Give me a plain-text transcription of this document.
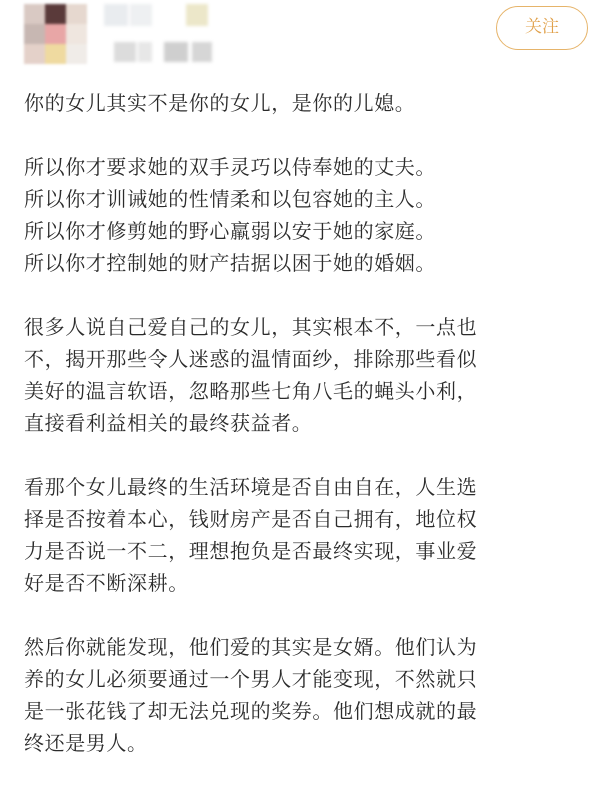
关注
你的女儿其实不是你的女儿，是你的儿媳。
所以你才要求她的双手灵巧以侍奉她的丈夫。
所以你才训诫她的性情柔和以包容她的主人。
所以你才修剪她的野心羸弱以安于她的家庭。
所以你才控制她的财产拮据以困于她的婚姻。
很多人说自己爱自己的女儿，其实根本不，一点也
不，揭开那些令人迷惑的温情面纱，排除那些看似
美好的温言软语，忽略那些七角八毛的蝇头小利，
直接看利益相关的最终获益者。
看那个女儿最终的生活环境是否自由自在，人生选
择是否按着本心，钱财房产是否自己拥有，地位权
力是否说一不二，理想抱负是否最终实现，事业爱
好是否不断深耕。
然后你就能发现，他们爱的其实是女婿。他们认为
养的女儿必须要通过一个男人才能变现，不然就只
是一张花钱了却无法兑现的奖券。他们想成就的最
终还是男人。
